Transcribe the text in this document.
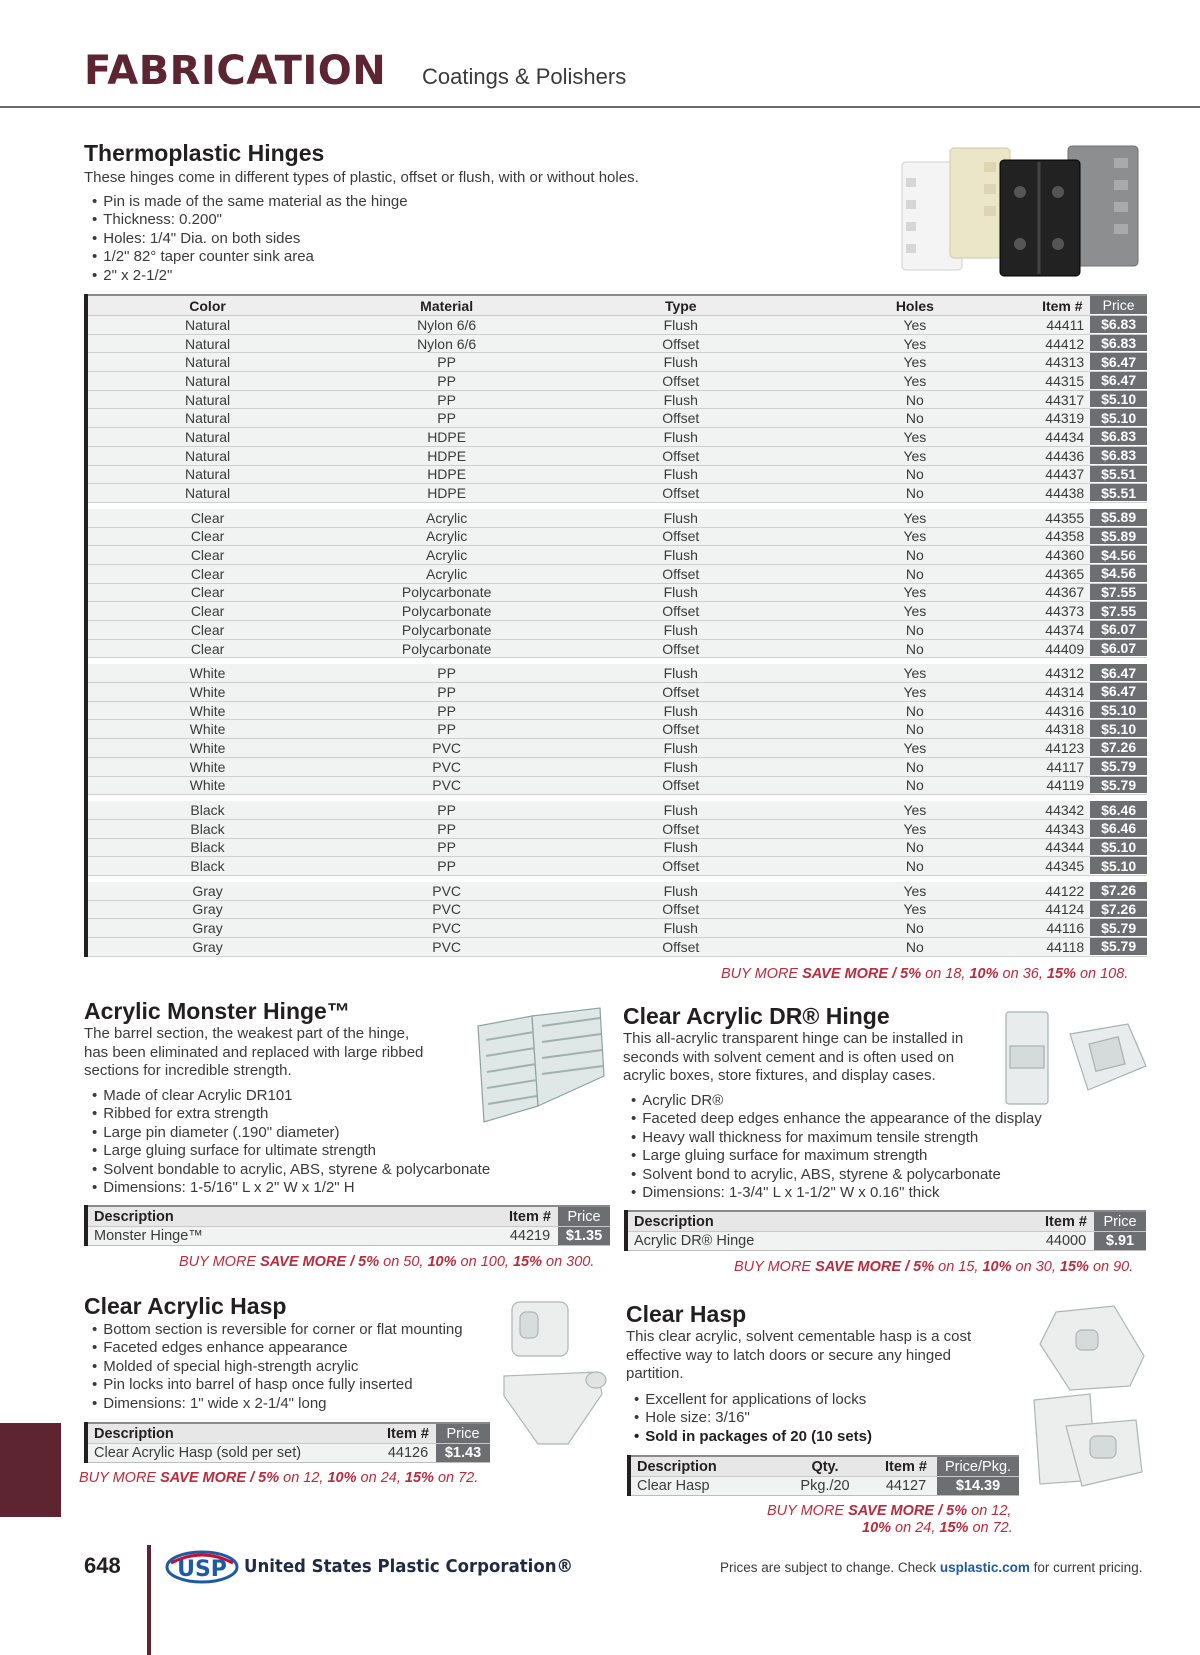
FABRICATION Coatings & Polishers
Thermoplastic Hinges
These hinges come in different types of plastic, offset or flush, with or without holes.
• Pin is made of the same material as the hinge
• Thickness: 0.200"
• Holes: 1/4" Dia. on both sides
• 1/2" 82° taper counter sink area
• 2" x 2-1/2"
Color	Material	Type	Holes	Item #	Price
Natural	Nylon 6/6	Flush	Yes	44411	$6.83
Natural	Nylon 6/6	Offset	Yes	44412	$6.83
Natural	PP	Flush	Yes	44313	$6.47
Natural	PP	Offset	Yes	44315	$6.47
Natural	PP	Flush	No	44317	$5.10
Natural	PP	Offset	No	44319	$5.10
Natural	HDPE	Flush	Yes	44434	$6.83
Natural	HDPE	Offset	Yes	44436	$6.83
Natural	HDPE	Flush	No	44437	$5.51
Natural	HDPE	Offset	No	44438	$5.51
Clear	Acrylic	Flush	Yes	44355	$5.89
Clear	Acrylic	Offset	Yes	44358	$5.89
Clear	Acrylic	Flush	No	44360	$4.56
Clear	Acrylic	Offset	No	44365	$4.56
Clear	Polycarbonate	Flush	Yes	44367	$7.55
Clear	Polycarbonate	Offset	Yes	44373	$7.55
Clear	Polycarbonate	Flush	No	44374	$6.07
Clear	Polycarbonate	Offset	No	44409	$6.07
White	PP	Flush	Yes	44312	$6.47
White	PP	Offset	Yes	44314	$6.47
White	PP	Flush	No	44316	$5.10
White	PP	Offset	No	44318	$5.10
White	PVC	Flush	Yes	44123	$7.26
White	PVC	Flush	No	44117	$5.79
White	PVC	Offset	No	44119	$5.79
Black	PP	Flush	Yes	44342	$6.46
Black	PP	Offset	Yes	44343	$6.46
Black	PP	Flush	No	44344	$5.10
Black	PP	Offset	No	44345	$5.10
Gray	PVC	Flush	Yes	44122	$7.26
Gray	PVC	Offset	Yes	44124	$7.26
Gray	PVC	Flush	No	44116	$5.79
Gray	PVC	Offset	No	44118	$5.79
BUY MORE SAVE MORE / 5% on 18, 10% on 36, 15% on 108.
Acrylic Monster Hinge™
The barrel section, the weakest part of the hinge,
has been eliminated and replaced with large ribbed
sections for incredible strength.
• Made of clear Acrylic DR101
• Ribbed for extra strength
• Large pin diameter (.190" diameter)
• Large gluing surface for ultimate strength
• Solvent bondable to acrylic, ABS, styrene & polycarbonate
• Dimensions: 1-5/16" L x 2" W x 1/2" H
Description	Item #	Price
Monster Hinge™	44219	$1.35
BUY MORE SAVE MORE / 5% on 50, 10% on 100, 15% on 300.
Clear Acrylic DR® Hinge
This all-acrylic transparent hinge can be installed in
seconds with solvent cement and is often used on
acrylic boxes, store fixtures, and display cases.
• Acrylic DR®
• Faceted deep edges enhance the appearance of the display
• Heavy wall thickness for maximum tensile strength
• Large gluing surface for maximum strength
• Solvent bond to acrylic, ABS, styrene & polycarbonate
• Dimensions: 1-3/4" L x 1-1/2" W x 0.16" thick
Description	Item #	Price
Acrylic DR® Hinge	44000	$.91
BUY MORE SAVE MORE / 5% on 15, 10% on 30, 15% on 90.
Clear Acrylic Hasp
• Bottom section is reversible for corner or flat mounting
• Faceted edges enhance appearance
• Molded of special high-strength acrylic
• Pin locks into barrel of hasp once fully inserted
• Dimensions: 1" wide x 2-1/4" long
Description	Item #	Price
Clear Acrylic Hasp (sold per set)	44126	$1.43
BUY MORE SAVE MORE / 5% on 12, 10% on 24, 15% on 72.
Clear Hasp
This clear acrylic, solvent cementable hasp is a cost
effective way to latch doors or secure any hinged
partition.
• Excellent for applications of locks
• Hole size: 3/16"
• Sold in packages of 20 (10 sets)
Description	Qty.	Item #	Price/Pkg.
Clear Hasp	Pkg./20	44127	$14.39
BUY MORE SAVE MORE / 5% on 12,
10% on 24, 15% on 72.
648	USP United States Plastic Corporation®	Prices are subject to change. Check usplastic.com for current pricing.
